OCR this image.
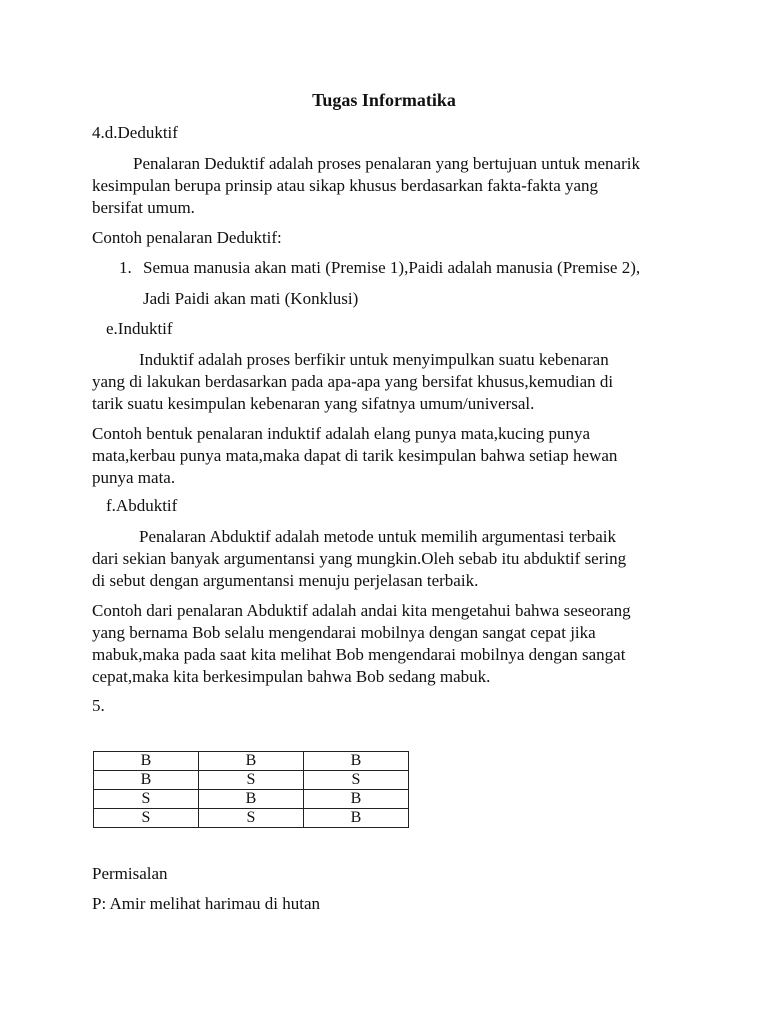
Tugas Informatika
4.d.Deduktif
Penalaran Deduktif adalah proses penalaran yang bertujuan untuk menarik
kesimpulan berupa prinsip atau sikap khusus berdasarkan fakta-fakta yang
bersifat umum.
Contoh penalaran Deduktif:
1. Semua manusia akan mati (Premise 1),Paidi adalah manusia (Premise 2),
Jadi Paidi akan mati (Konklusi)
e.Induktif
Induktif adalah proses berfikir untuk menyimpulkan suatu kebenaran
yang di lakukan berdasarkan pada apa-apa yang bersifat khusus,kemudian di
tarik suatu kesimpulan kebenaran yang sifatnya umum/universal.
Contoh bentuk penalaran induktif adalah elang punya mata,kucing punya
mata,kerbau punya mata,maka dapat di tarik kesimpulan bahwa setiap hewan
punya mata.
f.Abduktif
Penalaran Abduktif adalah metode untuk memilih argumentasi terbaik
dari sekian banyak argumentansi yang mungkin.Oleh sebab itu abduktif sering
di sebut dengan argumentansi menuju perjelasan terbaik.
Contoh dari penalaran Abduktif adalah andai kita mengetahui bahwa seseorang
yang bernama Bob selalu mengendarai mobilnya dengan sangat cepat jika
mabuk,maka pada saat kita melihat Bob mengendarai mobilnya dengan sangat
cepat,maka kita berkesimpulan bahwa Bob sedang mabuk.
5.
B	B	B
B	S	S
S	B	B
S	S	B
Permisalan
P: Amir melihat harimau di hutan
